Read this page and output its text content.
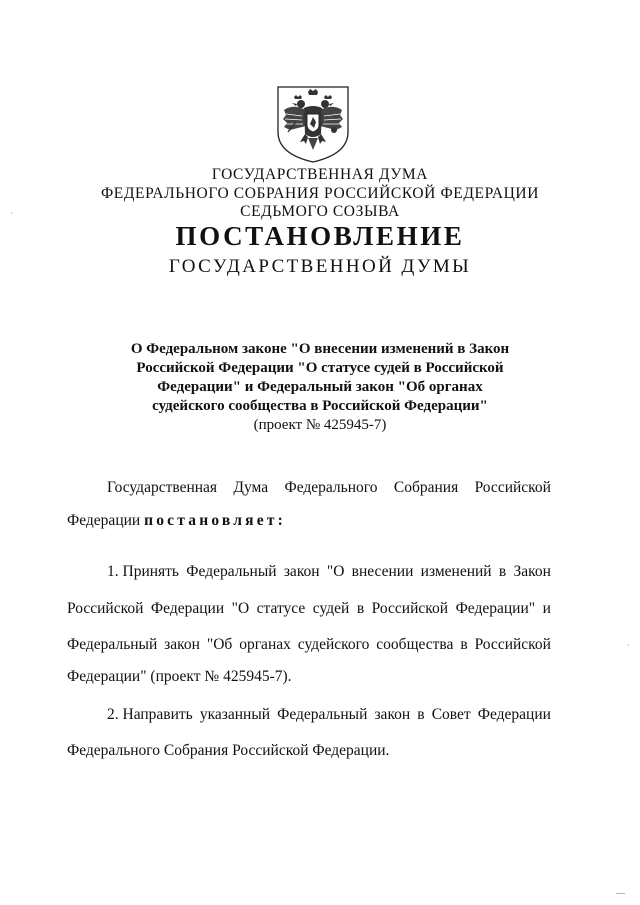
ГОСУДАРСТВЕННАЯ ДУМА
ФЕДЕРАЛЬНОГО СОБРАНИЯ РОССИЙСКОЙ ФЕДЕРАЦИИ
СЕДЬМОГО СОЗЫВА
ПОСТАНОВЛЕНИЕ
ГОСУДАРСТВЕННОЙ ДУМЫ
О Федеральном законе "О внесении изменений в Закон
Российской Федерации "О статусе судей в Российской
Федерации" и Федеральный закон "Об органах
судейского сообщества в Российской Федерации"
(проект № 425945-7)
Государственная Дума Федерального Собрания Российской
Федерации постановляет:
1. Принять Федеральный закон "О внесении изменений в Закон
Российской Федерации "О статусе судей в Российской Федерации" и
Федеральный закон "Об органах судейского сообщества в Российской
Федерации" (проект № 425945-7).
2. Направить указанный Федеральный закон в Совет Федерации
Федерального Собрания Российской Федерации.
·
·
—
